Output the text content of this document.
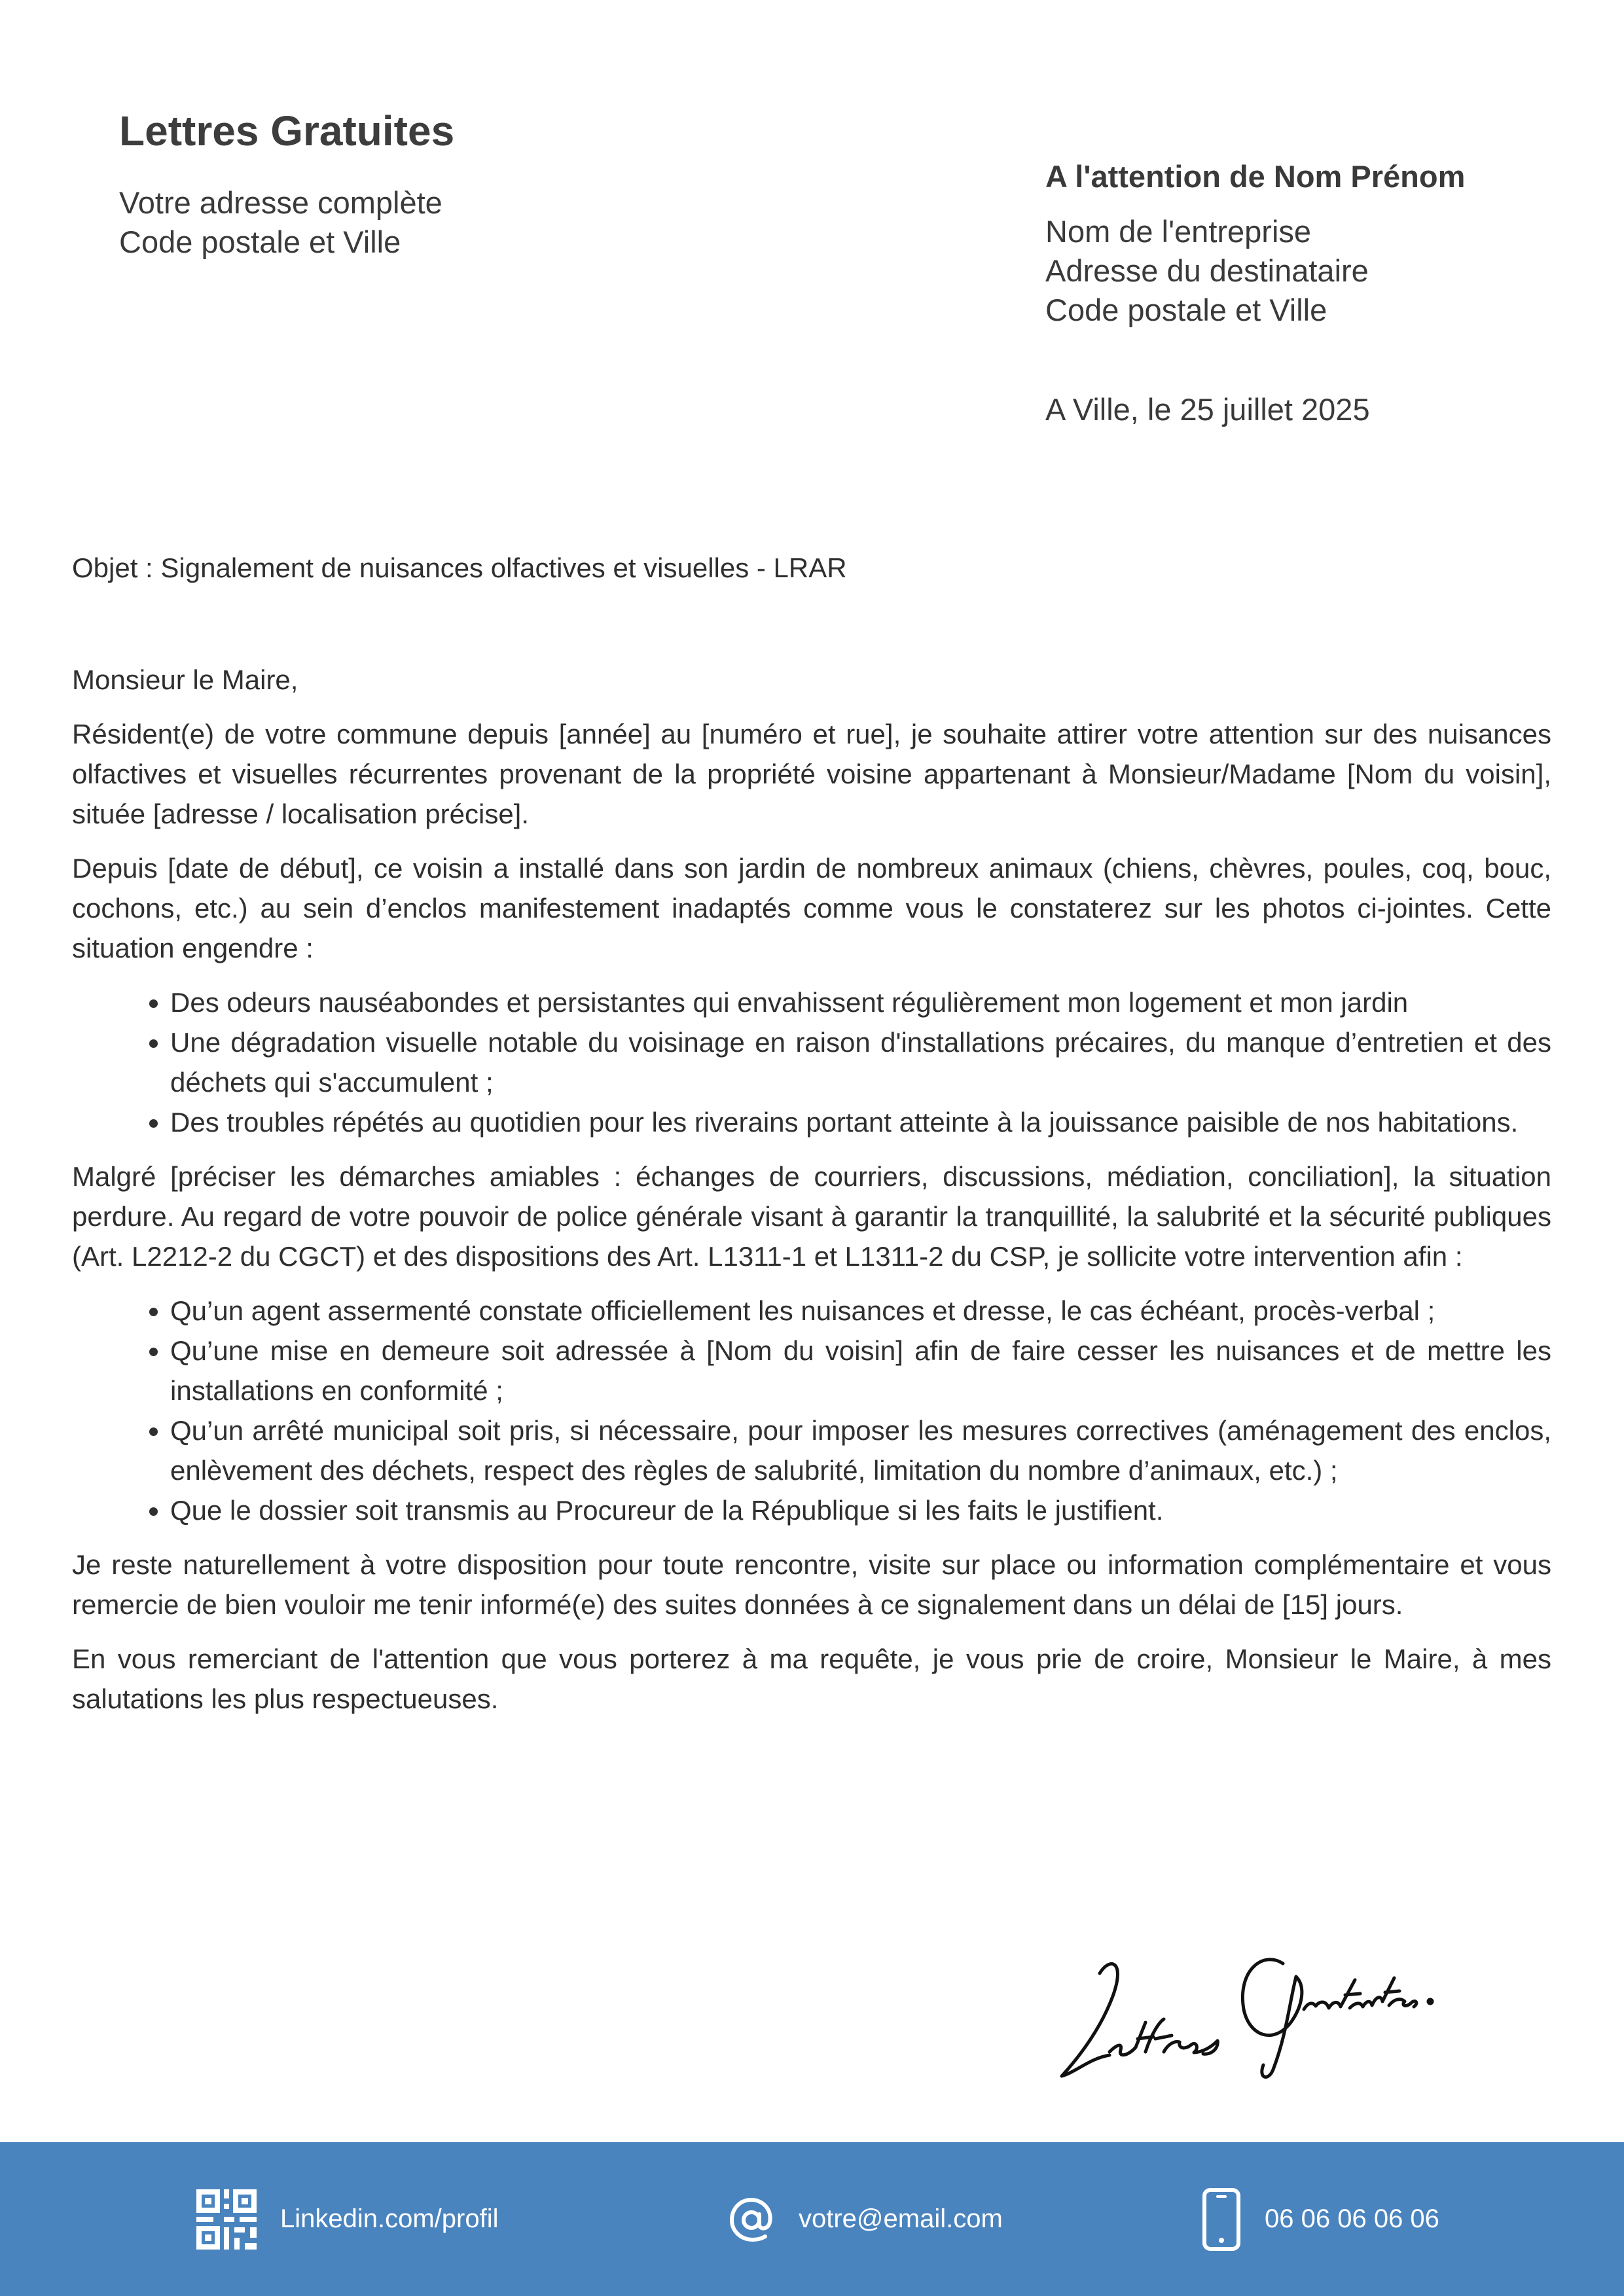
Lettres Gratuites
Votre adresse complète
Code postale et Ville
A l'attention de Nom Prénom
Nom de l'entreprise
Adresse du destinataire
Code postale et Ville
A Ville, le 25 juillet 2025
Objet : Signalement de nuisances olfactives et visuelles - LRAR

Monsieur le Maire,

Résident(e) de votre commune depuis [année] au [numéro et rue], je souhaite attirer votre attention sur des nuisances olfactives et visuelles récurrentes provenant de la propriété voisine appartenant à Monsieur/Madame [Nom du voisin], située [adresse / localisation précise].

Depuis [date de début], ce voisin a installé dans son jardin de nombreux animaux (chiens, chèvres, poules, coq, bouc, cochons, etc.) au sein d’enclos manifestement inadaptés comme vous le constaterez sur les photos ci-jointes. Cette situation engendre :

• Des odeurs nauséabondes et persistantes qui envahissent régulièrement mon logement et mon jardin
• Une dégradation visuelle notable du voisinage en raison d'installations précaires, du manque d’entretien et des déchets qui s'accumulent ;
• Des troubles répétés au quotidien pour les riverains portant atteinte à la jouissance paisible de nos habitations.

Malgré [préciser les démarches amiables : échanges de courriers, discussions, médiation, conciliation], la situation perdure. Au regard de votre pouvoir de police générale visant à garantir la tranquillité, la salubrité et la sécurité publiques (Art. L2212-2 du CGCT) et des dispositions des Art. L1311-1 et L1311-2 du CSP, je sollicite votre intervention afin :

• Qu’un agent assermenté constate officiellement les nuisances et dresse, le cas échéant, procès-verbal ;
• Qu’une mise en demeure soit adressée à [Nom du voisin] afin de faire cesser les nuisances et de mettre les installations en conformité ;
• Qu’un arrêté municipal soit pris, si nécessaire, pour imposer les mesures correctives (aménagement des enclos, enlèvement des déchets, respect des règles de salubrité, limitation du nombre d’animaux, etc.) ;
• Que le dossier soit transmis au Procureur de la République si les faits le justifient.

Je reste naturellement à votre disposition pour toute rencontre, visite sur place ou information complémentaire et vous remercie de bien vouloir me tenir informé(e) des suites données à ce signalement dans un délai de [15] jours.

En vous remerciant de l'attention que vous porterez à ma requête, je vous prie de croire, Monsieur le Maire, à mes salutations les plus respectueuses.

Linkedin.com/profil	votre@email.com	06 06 06 06 06
